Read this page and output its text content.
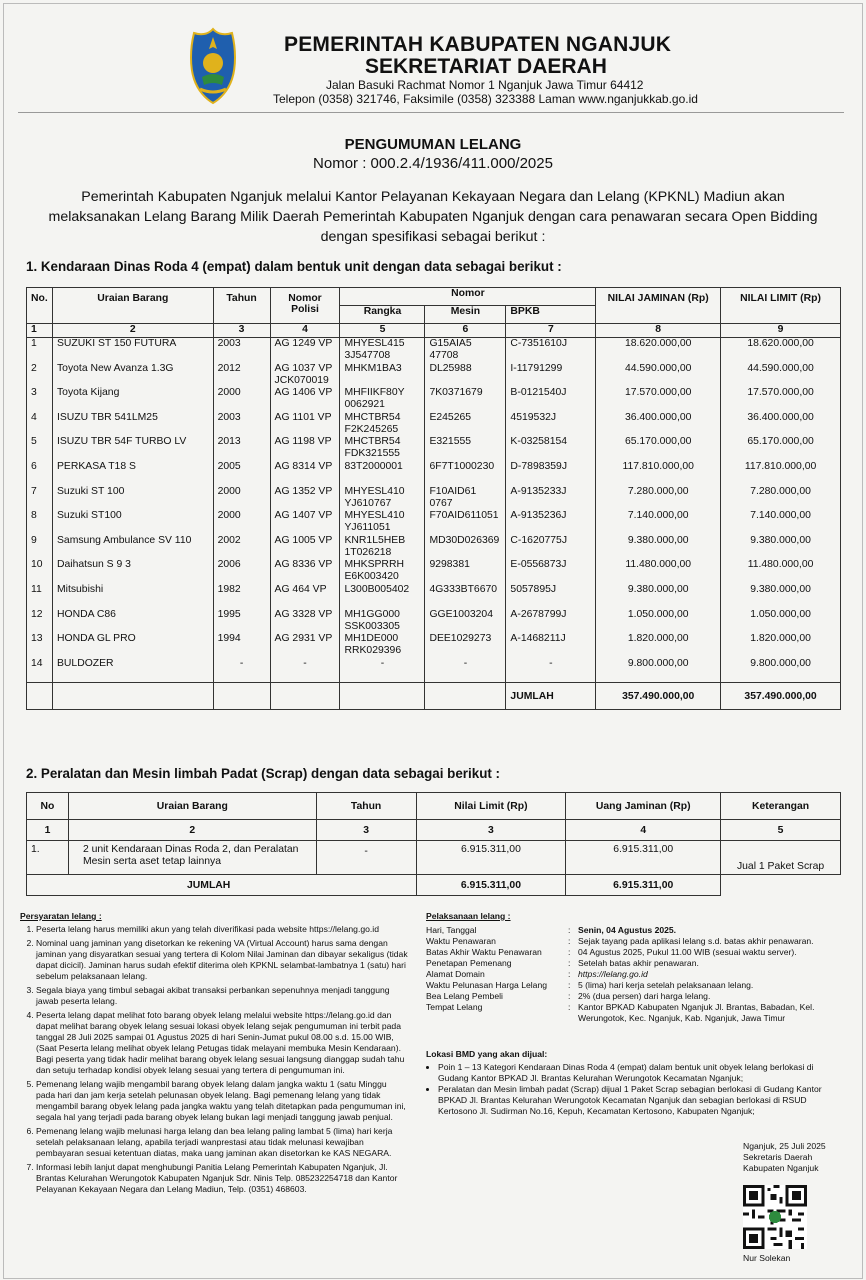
PEMERINTAH KABUPATEN NGANJUK
SEKRETARIAT DAERAH
Jalan Basuki Rachmat Nomor 1 Nganjuk Jawa Timur 64412
Telepon (0358) 321746, Faksimile (0358) 323388 Laman www.nganjukkab.go.id
PENGUMUMAN LELANG
Nomor : 000.2.4/1936/411.000/2025
Pemerintah Kabupaten Nganjuk melalui Kantor Pelayanan Kekayaan Negara dan Lelang (KPKNL) Madiun akan melaksanakan Lelang Barang Milik Daerah Pemerintah Kabupaten Nganjuk dengan cara penawaran secara Open Bidding dengan spesifikasi sebagai berikut :
1. Kendaraan Dinas Roda 4 (empat) dalam bentuk unit dengan data sebagai berikut :
No.	Uraian Barang	Tahun	Nomor Polisi	Nomor			NILAI JAMINAN (Rp)	NILAI LIMIT (Rp)
				Rangka	Mesin	BPKB		
1	2	3	4	5	6	7	8	9
1	SUZUKI ST 150 FUTURA	2003	AG 1249 VP	MHYESL415 3J547708	G15AIA5 47708	C-7351610J	18.620.000,00	18.620.000,00
2	Toyota New Avanza 1.3G	2012	AG 1037 VP JCK070019	MHKM1BA3	DL25988	I-11791299	44.590.000,00	44.590.000,00
3	Toyota Kijang	2000	AG 1406 VP	MHFIIKF80Y 0062921	7K0371679	B-0121540J	17.570.000,00	17.570.000,00
4	ISUZU TBR 541LM25	2003	AG 1101 VP	MHCTBR54 F2K245265	E245265	4519532J	36.400.000,00	36.400.000,00
5	ISUZU TBR 54F TURBO LV	2013	AG 1198 VP	MHCTBR54 FDK321555	E321555	K-03258154	65.170.000,00	65.170.000,00
6	PERKASA T18 S	2005	AG 8314 VP	83T2000001	6F7T1000230	D-7898359J	117.810.000,00	117.810.000,00
7	Suzuki ST 100	2000	AG 1352 VP	MHYESL410 YJ610767	F10AID61 0767	A-9135233J	7.280.000,00	7.280.000,00
8	Suzuki ST100	2000	AG 1407 VP	MHYESL410 YJ611051	F70AID611051	A-9135236J	7.140.000,00	7.140.000,00
9	Samsung Ambulance SV 110	2002	AG 1005 VP	KNR1L5HEB 1T026218	MD30D026369	C-1620775J	9.380.000,00	9.380.000,00
10	Daihatsun S 9 3	2006	AG 8336 VP	MHKSPRRH E6K003420	9298381	E-0556873J	11.480.000,00	11.480.000,00
11	Mitsubishi	1982	AG 464 VP	L300B005402	4G333BT6670	5057895J	9.380.000,00	9.380.000,00
12	HONDA C86	1995	AG 3328 VP	MH1GG000 SSK003305	GGE1003204	A-2678799J	1.050.000,00	1.050.000,00
13	HONDA GL PRO	1994	AG 2931 VP	MH1DE000 RRK029396	DEE1029273	A-1468211J	1.820.000,00	1.820.000,00
14	BULDOZER	-	-	-	-	-	9.800.000,00	9.800.000,00
						JUMLAH	357.490.000,00	357.490.000,00
2. Peralatan dan Mesin limbah Padat (Scrap) dengan data sebagai berikut :
No	Uraian Barang	Tahun	Nilai Limit (Rp)	Uang Jaminan (Rp)	Keterangan
1	2	3	3	4	5
1.	2 unit Kendaraan Dinas Roda 2, dan Peralatan Mesin serta aset tetap lainnya	-	6.915.311,00	6.915.311,00	Jual 1 Paket Scrap
JUMLAH			6.915.311,00	6.915.311,00	
Persyaratan lelang :
1. Peserta lelang harus memiliki akun yang telah diverifikasi pada website https://lelang.go.id
2. Nominal uang jaminan yang disetorkan ke rekening VA (Virtual Account) harus sama dengan jaminan yang disyaratkan sesuai yang tertera di Kolom Nilai Jaminan dan dibayar sekaligus (tidak dapat dicicil). Jaminan harus sudah efektif diterima oleh KPKNL selambat-lambatnya 1 (satu) hari sebelum pelaksanaan lelang.
3. Segala biaya yang timbul sebagai akibat transaksi perbankan sepenuhnya menjadi tanggung jawab peserta lelang.
4. Peserta lelang dapat melihat foto barang obyek lelang melalui website https://lelang.go.id dan dapat melihat barang obyek lelang sesuai lokasi obyek lelang sejak pengumuman ini terbit pada tanggal 28 Juli 2025 sampai 01 Agustus 2025 di hari Senin-Jumat pukul 08.00 s.d. 15.00 WIB, (Saat Peserta lelang melihat obyek lelang Petugas tidak melayani membuka Mesin Kendaraan). Bagi peserta yang tidak hadir melihat barang obyek lelang sesuai langsung dianggap sudah tahu dan setuju terhadap kondisi obyek lelang sesuai yang tertera di pengumuman ini.
5. Pemenang lelang wajib mengambil barang obyek lelang dalam jangka waktu 1 (satu Minggu pada hari dan jam kerja setelah pelunasan obyek lelang. Bagi pemenang lelang yang tidak mengambil barang obyek lelang pada jangka waktu yang telah ditetapkan pada pengumuman ini, segala hal yang terjadi pada barang obyek lelang bukan lagi menjadi tanggung jawab penjual.
6. Pemenang lelang wajib melunasi harga lelang dan bea lelang paling lambat 5 (lima) hari kerja setelah pelaksanaan lelang, apabila terjadi wanprestasi atau tidak melunasi kewajiban pembayaran sesuai ketentuan diatas, maka uang jaminan akan disetorkan ke KAS NEGARA.
7. Informasi lebih lanjut dapat menghubungi Panitia Lelang Pemerintah Kabupaten Nganjuk, Jl. Brantas Kelurahan Werungotok Kabupaten Nganjuk Sdr. Ninis Telp. 085232254718 dan Kantor Pelayanan Kekayaan Negara dan Lelang Madiun, Telp. (0351) 468603.
Pelaksanaan lelang :
Hari, Tanggal	: Senin, 04 Agustus 2025.
Waktu Penawaran	: Sejak tayang pada aplikasi lelang s.d. batas akhir penawaran.
Batas Akhir Waktu Penawaran	: 04 Agustus 2025, Pukul 11.00 WIB (sesuai waktu server).
Penetapan Pemenang	: Setelah batas akhir penawaran.
Alamat Domain	: https://lelang.go.id
Waktu Pelunasan Harga Lelang	: 5 (lima) hari kerja setelah pelaksanaan lelang.
Bea Lelang Pembeli	: 2% (dua persen) dari harga lelang.
Tempat Lelang	: Kantor BPKAD Kabupaten Nganjuk Jl. Brantas, Babadan, Kel. Werungotok, Kec. Nganjuk, Kab. Nganjuk, Jawa Timur
Lokasi BMD yang akan dijual:
• Poin 1 – 13 Kategori Kendaraan Dinas Roda 4 (empat) dalam bentuk unit obyek lelang berlokasi di Gudang Kantor BPKAD Jl. Brantas Kelurahan Werungotok Kecamatan Nganjuk;
• Peralatan dan Mesin limbah padat (Scrap) dijual 1 Paket Scrap sebagian berlokasi di Gudang Kantor BPKAD Jl. Brantas Kelurahan Werungotok Kecamatan Nganjuk dan sebagian berlokasi di RSUD Kertosono Jl. Sudirman No.16, Kepuh, Kecamatan Kertosono, Kabupaten Nganjuk;
Nganjuk, 25 Juli 2025
Sekretaris Daerah
Kabupaten Nganjuk
Nur Solekan
